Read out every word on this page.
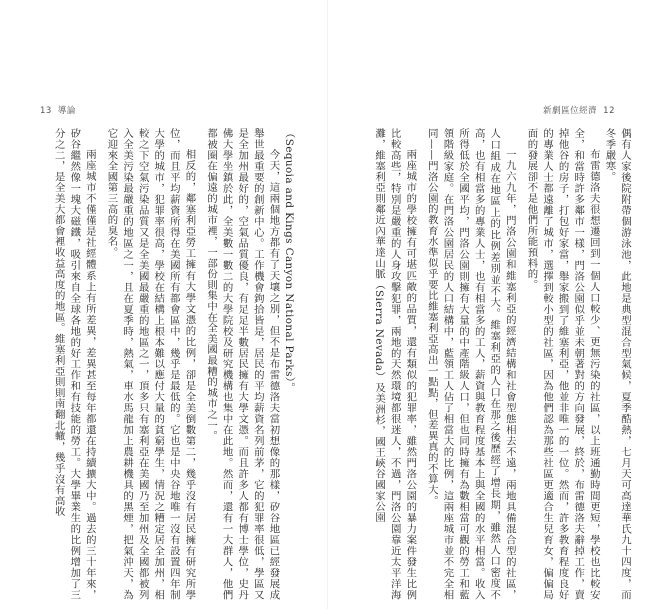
13 導論

（Sequoia and Kings Canyon National Parks）。

今天，這兩個地方都有了天壤之別，但不是布雷德洛夫當初想像的那樣，矽谷地區已經發展成舉世最重要的創新中心。工作機會鉤拾皆是，居民的平均薪資名列前茅，它的犯罪率很低，學區又是全加州最好的，空氣品質優良，有足足半數居民擁有大學文憑。而且許多人都有博士學位，史丹佛大學坐鎮於此，全美數一數二的大學院校及研究機構也集中在此地。然而，還有一大群人，他們都被圈在偏遠的城市裡，一部份則集中在全美國最糟的城市之一。

相反的，鄰塞利亞勞工擁有大學文憑的比例，卻是全美倒數第二，幾乎沒有居民擁有研究所學位，而且平均薪資所得在美國所有都會區中，幾乎是最低的。它也是中央谷地唯一沒有設置四年制大學的城市，犯罪率很高，學校在結構上根本難以應付大量的貧窮學生，情況之糟定居全加州，相較之下空氣污染品質又是全美國最嚴重的地區之一，頂多只有塞利亞在美國乃至加州及全國都被列入全美污染最嚴重的地區之一，且在夏季時，熱氣，車水馬龍加上農耕機具的黑煙，把氣沖天，為它迎來全國第三高的臭名。

兩座城市不僅僅是社經體系上有所差異，差異甚至每年都還在持續擴大中。過去的三十年來，矽谷繼然像一塊大磁鐵，吸引來自全球各地的好工作和有技能的勞工。大學畢業生的比例增加了三分之二，是全美大都會裡收益高度的地區。維塞利亞則則南翻北轍，幾乎沒有高收

新劇區位經濟 12

偶有人家後院附帶個游泳池，此地是典型混合型氣候，夏季酷熱，七月天可高達華氏九十四度，而冬季嚴寒。

布雷德洛夫很想遷回到一個人口較少、更無污染的社區，以上班通勤時間更短，學校也比較安全，和當時許多鄰市一樣，門洛公園似乎並未朝著對的方向發展，終於，布雷德洛夫辭掉工作，賣掉他谷的房子，打包好家當，舉家搬到了維塞利亞，他並非唯一的一位。然而，許多教育程度良好的專業人士都遠離了城市，選擇到較小型的社區，因為他們認為那些社區更適合生兒育女，偏偏局面的發展卻不是他們所能預料的。

一九六九年，門洛公園和維塞利亞的經濟結構和社會型態相去不遠，兩地具備混合型的社區，人口組成在地區上的比例差別並不大。維塞利亞的人口在那之後歷經了增長期，雖然人口密度不高，也有相當多的專業人士，也有相當多的工人，薪資與教育程度基本上與全國的水平相當。收入所得低於全國平均，門洛公園則擁有大量的中產階級人口，但也同時擁有為數相當可觀的勞工和藍領階級家庭。在門洛公園居民的人口結構中，藍領工人佔了相當大的比例，這兩座城市並不完全相同——門洛公園的教育水準似乎要比維塞利亞高出一點點，但差異真的不算大。

兩座城市的學校擁有可堪匹敵的品質，還有類似的犯罪率，雖然門洛公園的暴力案件發生比例比較高些，特別是嚴重的人身攻擊犯罪，兩地的天然環境都很迷人，不過，門洛公園靠近太平洋海灘，維塞利亞則鄰近內華達山脈（Sierra Nevada）及美洲杉，國王峽谷國家公園
